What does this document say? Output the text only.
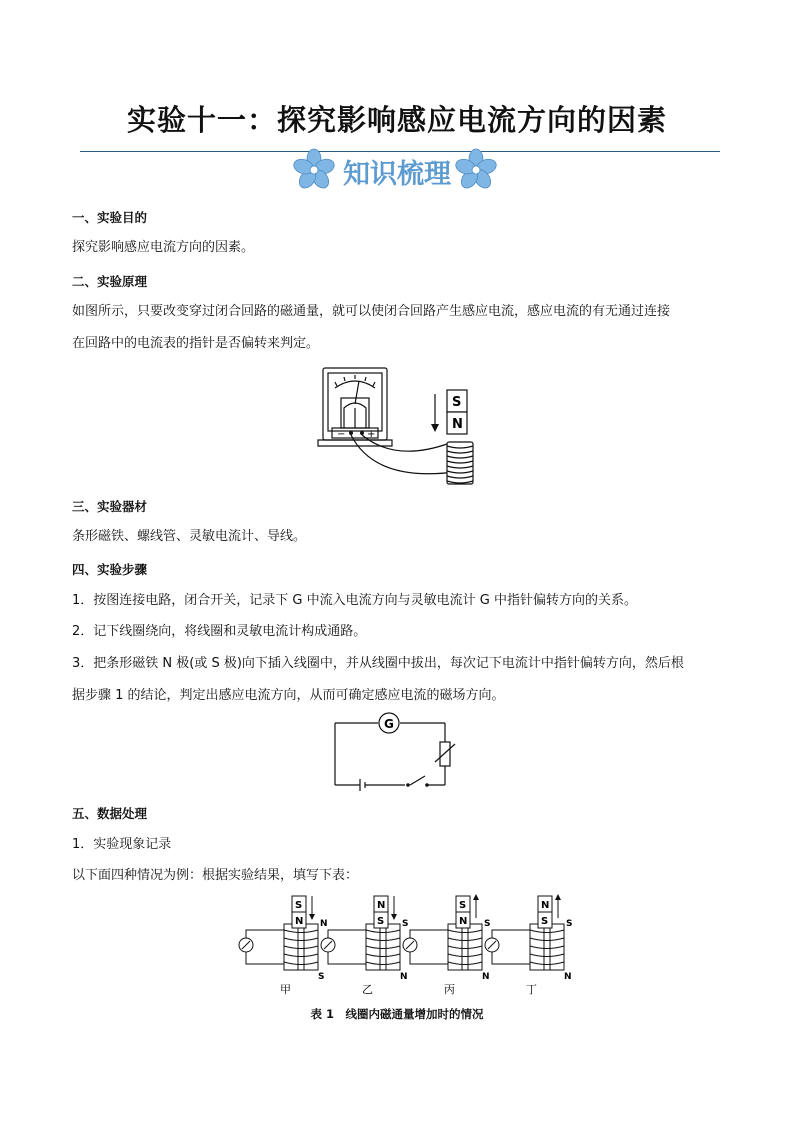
实验十一：探究影响感应电流方向的因素
知识梳理
一、实验目的
探究影响感应电流方向的因素。
二、实验原理
如图所示，只要改变穿过闭合回路的磁通量，就可以使闭合回路产生感应电流，感应电流的有无通过连接
在回路中的电流表的指针是否偏转来判定。
− +
S
N
三、实验器材
条形磁铁、螺线管、灵敏电流计、导线。
四、实验步骤
1．按图连接电路，闭合开关，记录下 G 中流入电流方向与灵敏电流计 G 中指针偏转方向的关系。
2．记下线圈绕向，将线圈和灵敏电流计构成通路。
3．把条形磁铁 N 极(或 S 极)向下插入线圈中，并从线圈中拔出，每次记下电流计中指针偏转方向，然后根
据步骤 1 的结论，判定出感应电流方向，从而可确定感应电流的磁场方向。
G
五、数据处理
1．实验现象记录
以下面四种情况为例：根据实验结果，填写下表：
S
N N
S
甲
N
S S
N
乙
S
N S
N
丙
N
S S
N
丁
表 1　线圈内磁通量增加时的情况
